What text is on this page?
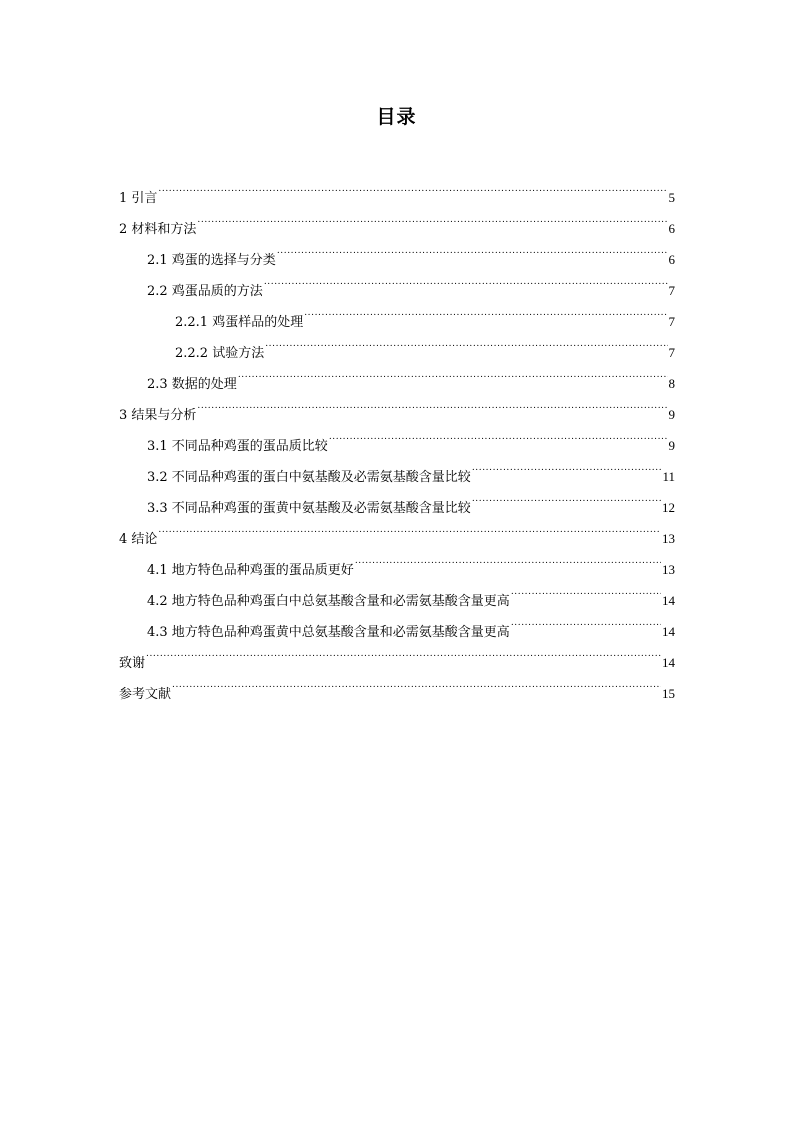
目录
1 引言 .....	5
2 材料和方法 .....	6
2.1 鸡蛋的选择与分类 .....	6
2.2 鸡蛋品质的方法 .....	7
2.2.1 鸡蛋样品的处理 .....	7
2.2.2 试验方法 .....	7
2.3 数据的处理 .....	8
3 结果与分析 .....	9
3.1 不同品种鸡蛋的蛋品质比较 .....	9
3.2 不同品种鸡蛋的蛋白中氨基酸及必需氨基酸含量比较 .....	11
3.3 不同品种鸡蛋的蛋黄中氨基酸及必需氨基酸含量比较 .....	12
4 结论 .....	13
4.1 地方特色品种鸡蛋的蛋品质更好 .....	13
4.2 地方特色品种鸡蛋白中总氨基酸含量和必需氨基酸含量更高 .....	14
4.3 地方特色品种鸡蛋黄中总氨基酸含量和必需氨基酸含量更高 .....	14
致谢 .....	14
参考文献 .....	15
